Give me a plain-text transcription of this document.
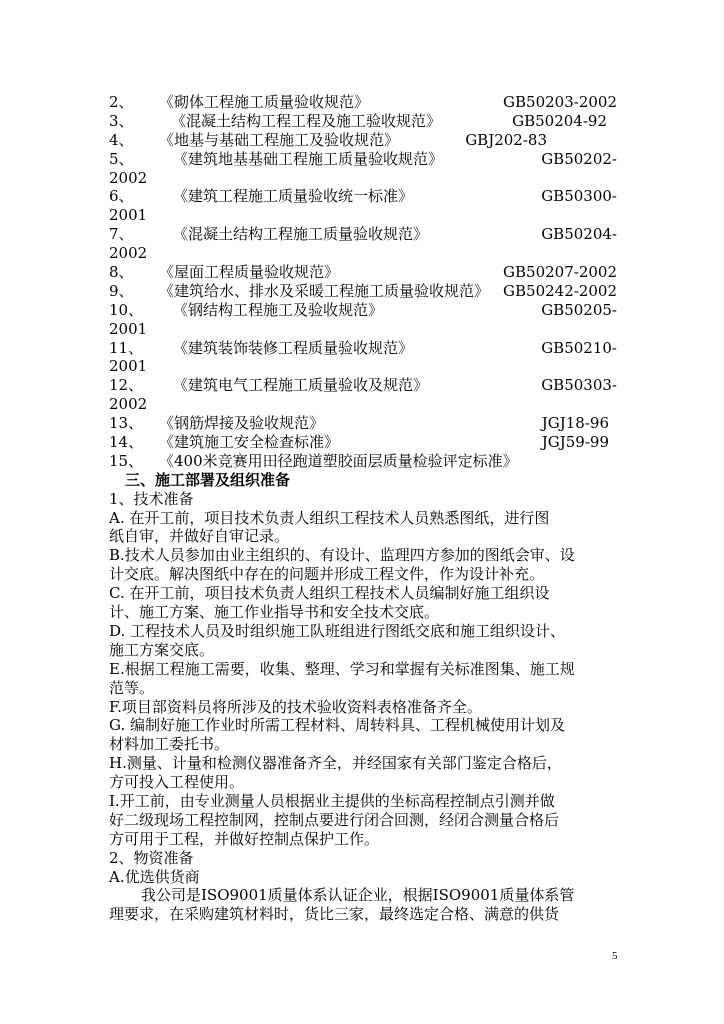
2、 《砌体工程施工质量验收规范》	GB50203-2002
3、 《混凝土结构工程工程及施工验收规范》	GB50204-92
4、 《地基与基础工程施工及验收规范》	GBJ202-83
5、	《建筑地基基础工程施工质量验收规范》	GB50202-
2002
6、	《建筑工程施工质量验收统一标准》	GB50300-
2001
7、	《混凝土结构工程施工质量验收规范》	GB50204-
2002
8、 《屋面工程质量验收规范》	GB50207-2002
9、 《建筑给水、排水及采暖工程施工质量验收规范》 GB50242-2002
10、 《钢结构工程施工及验收规范》	GB50205-
2001
11、 《建筑装饰装修工程质量验收规范》	GB50210-
2001
12、 《建筑电气工程施工质量验收及规范》	GB50303-
2002
13、 《钢筋焊接及验收规范》	JGJ18-96
14、 《建筑施工安全检查标准》	JGJ59-99
15、 《400米竞赛用田径跑道塑胶面层质量检验评定标准》
三、施工部署及组织准备
1、技术准备
A. 在开工前，项目技术负责人组织工程技术人员熟悉图纸，进行图
纸自审，并做好自审记录。
B.技术人员参加由业主组织的、有设计、监理四方参加的图纸会审、设
计交底。解决图纸中存在的问题并形成工程文件，作为设计补充。
C. 在开工前，项目技术负责人组织工程技术人员编制好施工组织设
计、施工方案、施工作业指导书和安全技术交底。
D. 工程技术人员及时组织施工队班组进行图纸交底和施工组织设计、
施工方案交底。
E.根据工程施工需要，收集、整理、学习和掌握有关标准图集、施工规
范等。
F.项目部资料员将所涉及的技术验收资料表格准备齐全。
G. 编制好施工作业时所需工程材料、周转料具、工程机械使用计划及
材料加工委托书。
H.测量、计量和检测仪器准备齐全，并经国家有关部门鉴定合格后，
方可投入工程使用。
I.开工前，由专业测量人员根据业主提供的坐标高程控制点引测并做
好二级现场工程控制网，控制点要进行闭合回测，经闭合测量合格后
方可用于工程，并做好控制点保护工作。
2、物资准备
A.优选供货商
我公司是ISO9001质量体系认证企业，根据ISO9001质量体系管
理要求，在采购建筑材料时，货比三家，最终选定合格、满意的供货
5
